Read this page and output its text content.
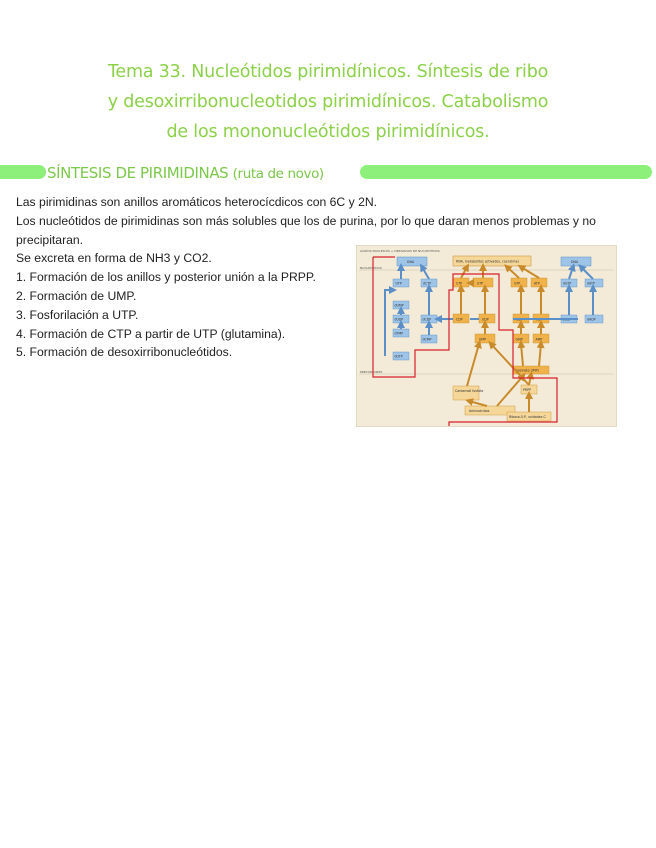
Tema 33. Nucleótidos pirimidínicos. Síntesis de ribo
y desoxirribonucleotidos pirimidínicos. Catabolismo
de los mononucleótidos pirimidínicos.
SÍNTESIS DE PIRIMIDINAS (ruta de novo)

Las pirimidinas son anillos aromáticos heterocícdicos con 6C y 2N.

Los nucleótidos de pirimidinas son más solubles que los de purina, por lo que daran menos problemas y no precipitaran.

Se excreta en forma de NH3 y CO2.

1. Formación de los anillos y posterior unión a la PRPP.

2. Formación de UMP.

3. Fosforilación a UTP.

4. Formación de CTP a partir de UTP (glutamina).

5. Formación de desoxirribonucleótidos.

ÁCIDOS NUCLEICOS + DERIVADOS DE NUCLEÓTIDOS
NUCLEÓTIDOS
PRECURSORES
DNA	RNA, metabolitos activados, coenzimas	DNA
UTP	dCTP	CTP	UTP	GTP	ATP	dGTP	dATP
dUMP
dUDP	dCDP	CDP	UDP	GDP	ADP	dGDP	dADP
dTMP
dCMP
dUTP
UMP	GMP	AMP
Inosinato (IMP)
Carbamoil fosfato	PRPP
Aminoácidos
Ribosa-5-P, unidades C
